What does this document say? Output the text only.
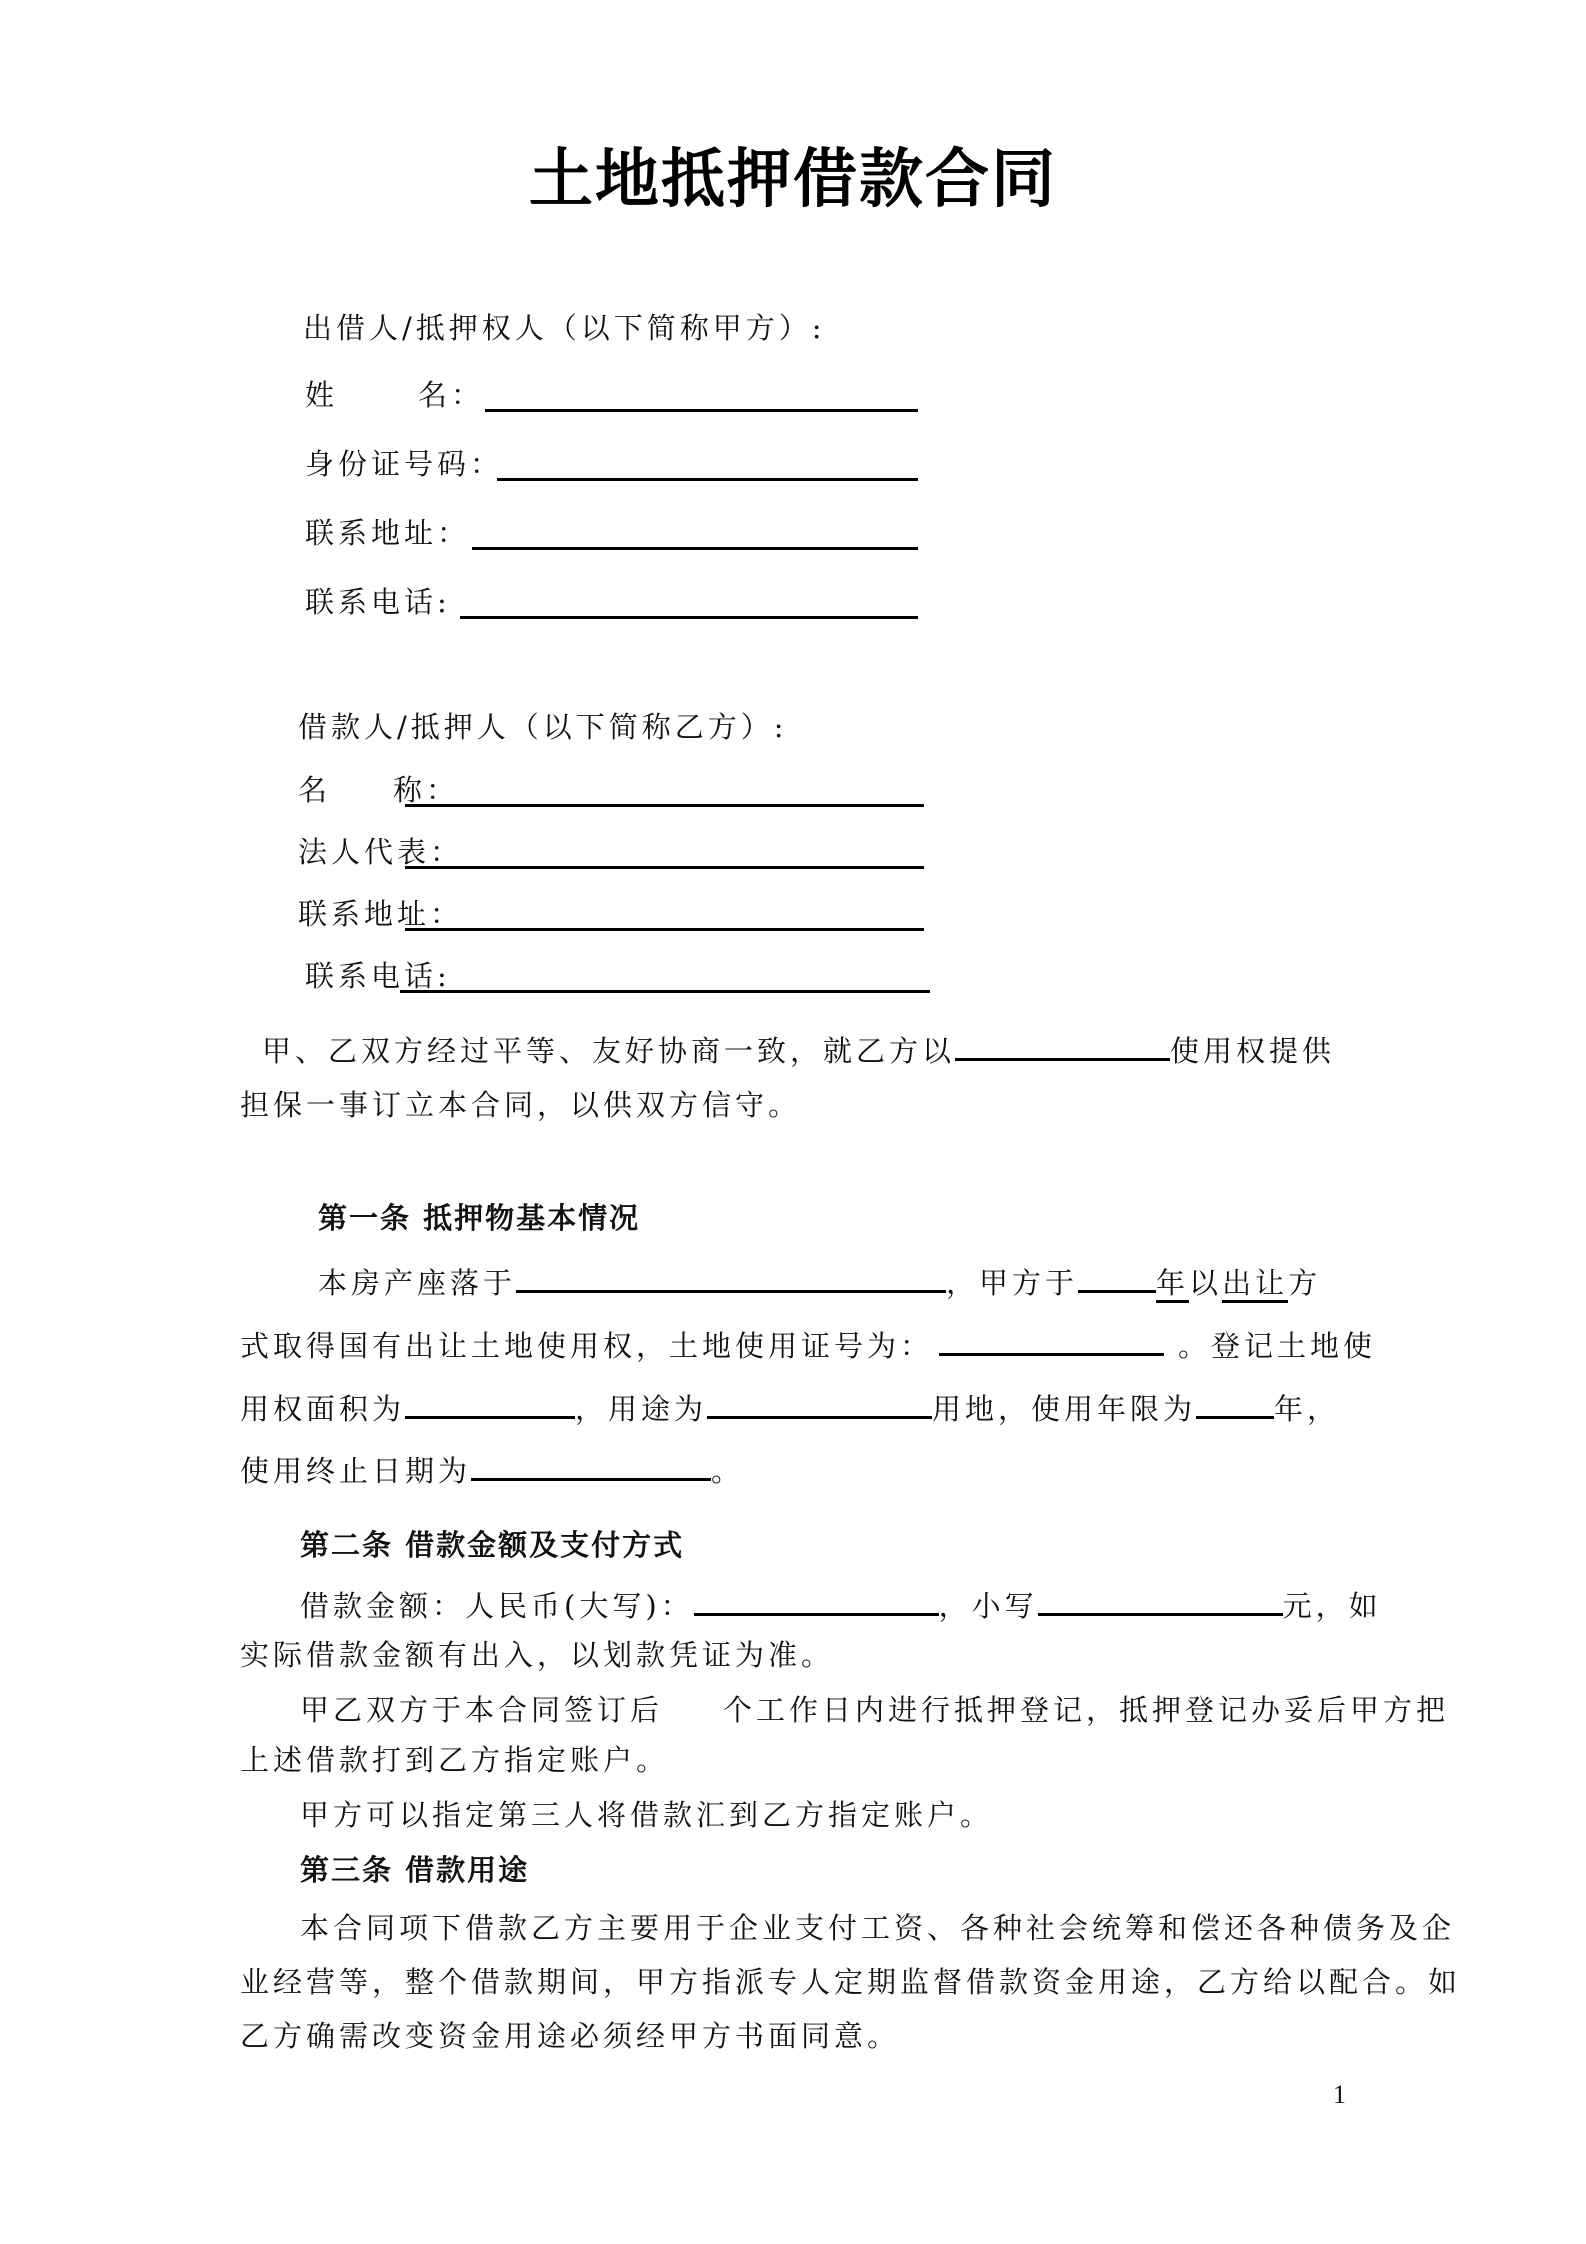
土地抵押借款合同
出借人/抵押权人（以下简称甲方）:
姓	名：
身份证号码：
联系地址：
联系电话:
借款人/抵押人（以下简称乙方）:
名 称：
法人代表：
联系地址：
联系电话:
甲、乙双方经过平等、友好协商一致，就乙方以	使用权提供
担保一事订立本合同，以供双方信守。
第一条 抵押物基本情况
本房产座落于	，甲方于	年以出让方
式取得国有出让土地使用权，土地使用证号为：	。登记土地使
用权面积为	，用途为	用地，使用年限为	年，
使用终止日期为	。
第二条 借款金额及支付方式
借款金额：人民币(大写)：	，小写	元，如
实际借款金额有出入，以划款凭证为准。
甲乙双方于本合同签订后 个工作日内进行抵押登记，抵押登记办妥后甲方把
上述借款打到乙方指定账户。
甲方可以指定第三人将借款汇到乙方指定账户。
第三条 借款用途
本合同项下借款乙方主要用于企业支付工资、各种社会统筹和偿还各种债务及企
业经营等，整个借款期间，甲方指派专人定期监督借款资金用途，乙方给以配合。如
乙方确需改变资金用途必须经甲方书面同意。
1
